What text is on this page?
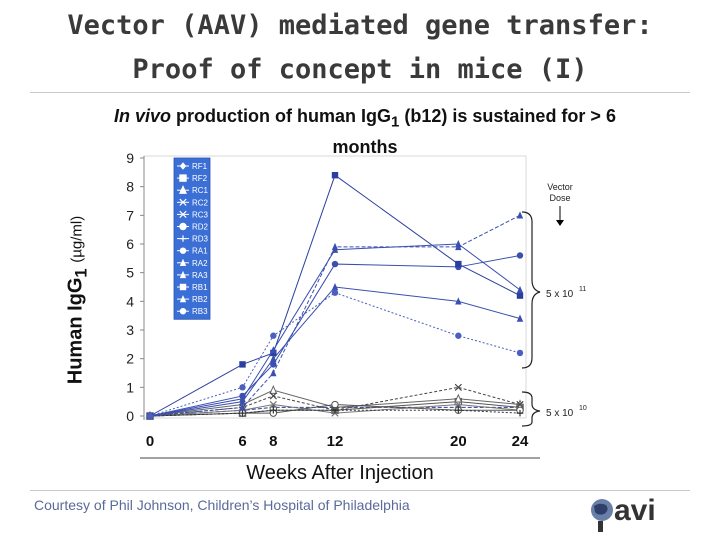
Vector (AAV) mediated gene transfer:
Proof of concept in mice (I)
In vivo production of human IgG$_1$ (b12) is sustained for > 6
months
Human IgG$_1$ (µg/ml)
0
1
2
3
4
5
6
7
8
9
0	6 8	12	20	24
RF1
RF2
RC1
RC2
RC3
RD2
RD3
RA1
RA2
RA3
RB1
RB2
RB3
Vector
Dose
5 x 10 11
5 x 10 10
Weeks After Injection
Courtesy of Phil Johnson, Children’s Hospital of Philadelphia	avi
